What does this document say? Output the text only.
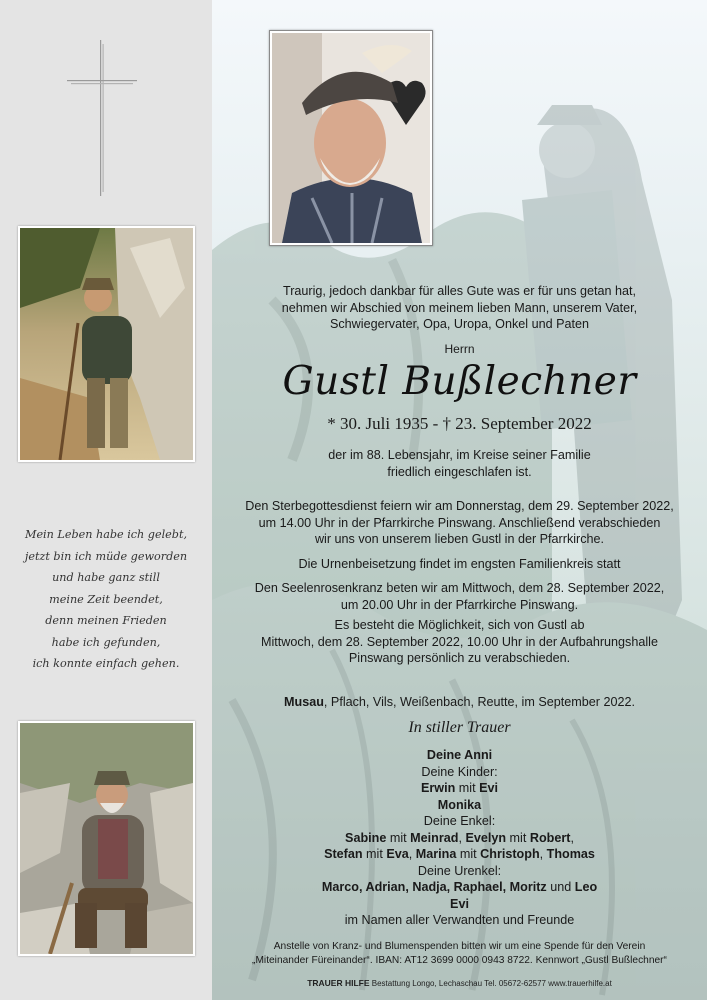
Mein Leben habe ich gelebt,
jetzt bin ich müde geworden
und habe ganz still
meine Zeit beendet,
denn meinen Frieden
habe ich gefunden,
ich konnte einfach gehen.
Traurig, jedoch dankbar für alles Gute was er für uns getan hat,
nehmen wir Abschied von meinem lieben Mann, unserem Vater,
Schwiegervater, Opa, Uropa, Onkel und Paten
Herrn
Gustl Bußlechner
* 30. Juli 1935 - † 23. September 2022
der im 88. Lebensjahr, im Kreise seiner Familie
friedlich eingeschlafen ist.
Den Sterbegottesdienst feiern wir am Donnerstag, dem 29. September 2022,
um 14.00 Uhr in der Pfarrkirche Pinswang. Anschließend verabschieden
wir uns von unserem lieben Gustl in der Pfarrkirche.
Die Urnenbeisetzung findet im engsten Familienkreis statt
Den Seelenrosenkranz beten wir am Mittwoch, dem 28. September 2022,
um 20.00 Uhr in der Pfarrkirche Pinswang.
Es besteht die Möglichkeit, sich von Gustl ab
Mittwoch, dem 28. September 2022, 10.00 Uhr in der Aufbahrungshalle
Pinswang persönlich zu verabschieden.
Musau, Pflach, Vils, Weißenbach, Reutte, im September 2022.
In stiller Trauer
Deine Anni
Deine Kinder:
Erwin mit Evi
Monika
Deine Enkel:
Sabine mit Meinrad, Evelyn mit Robert,
Stefan mit Eva, Marina mit Christoph, Thomas
Deine Urenkel:
Marco, Adrian, Nadja, Raphael, Moritz und Leo
Evi
im Namen aller Verwandten und Freunde
Anstelle von Kranz- und Blumenspenden bitten wir um eine Spende für den Verein
„Miteinander Füreinander“. IBAN: AT12 3699 0000 0943 8722. Kennwort „Gustl Bußlechner“
TRAUER HILFE Bestattung Longo, Lechaschau Tel. 05672-62577 www.trauerhilfe.at
